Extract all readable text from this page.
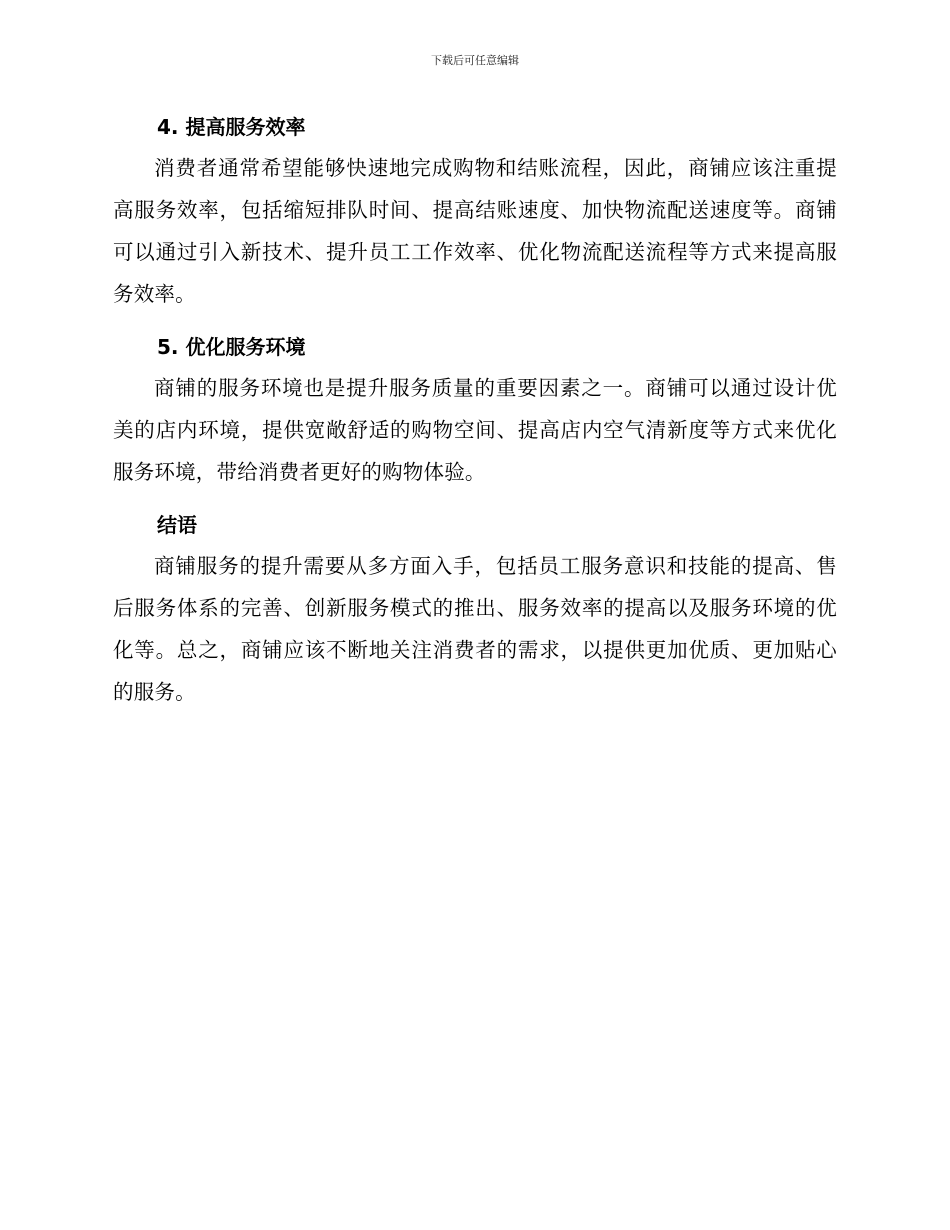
下载后可任意编辑
4. 提高服务效率

消费者通常希望能够快速地完成购物和结账流程，因此，商铺应该注重提高服务效率，包括缩短排队时间、提高结账速度、加快物流配送速度等。商铺可以通过引入新技术、提升员工工作效率、优化物流配送流程等方式来提高服务效率。

5. 优化服务环境

商铺的服务环境也是提升服务质量的重要因素之一。商铺可以通过设计优美的店内环境，提供宽敞舒适的购物空间、提高店内空气清新度等方式来优化服务环境，带给消费者更好的购物体验。

结语

商铺服务的提升需要从多方面入手，包括员工服务意识和技能的提高、售后服务体系的完善、创新服务模式的推出、服务效率的提高以及服务环境的优化等。总之，商铺应该不断地关注消费者的需求，以提供更加优质、更加贴心的服务。
